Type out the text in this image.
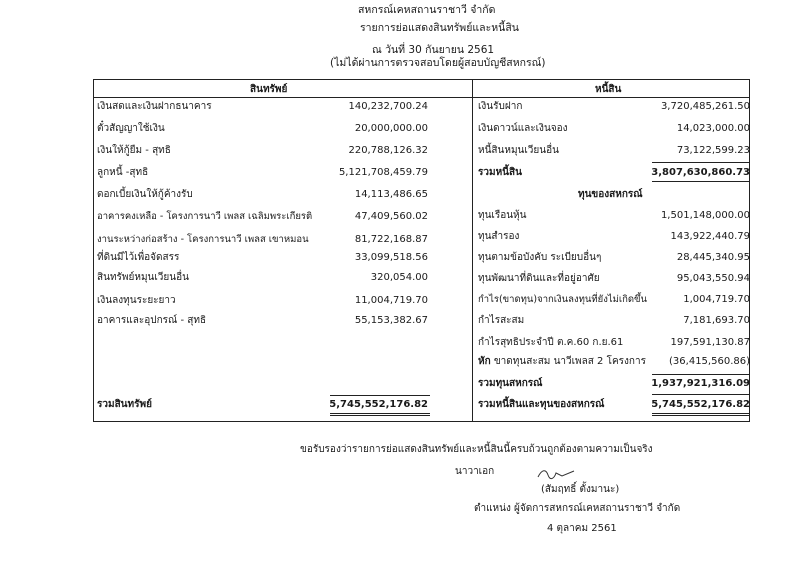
สหกรณ์เคหสถานราชาวี จำกัด
รายการย่อแสดงสินทรัพย์และหนี้สิน
ณ วันที่ 30 กันยายน 2561
(ไม่ได้ผ่านการตรวจสอบโดยผู้สอบบัญชีสหกรณ์)
สินทรัพย์	หนี้สิน
เงินสดและเงินฝากธนาคาร	140,232,700.24
ตั๋วสัญญาใช้เงิน	20,000,000.00
เงินให้กู้ยืม - สุทธิ	220,788,126.32
ลูกหนี้ -สุทธิ	5,121,708,459.79
ดอกเบี้ยเงินให้กู้ค้างรับ	14,113,486.65
อาคารคงเหลือ - โครงการนาวี เพลส เฉลิมพระเกียรติ	47,409,560.02
งานระหว่างก่อสร้าง - โครงการนาวี เพลส เขาหมอน	81,722,168.87
ที่ดินมีไว้เพื่อจัดสรร	33,099,518.56
สินทรัพย์หมุนเวียนอื่น	320,054.00
เงินลงทุนระยะยาว	11,004,719.70
อาคารและอุปกรณ์ - สุทธิ	55,153,382.67
รวมสินทรัพย์	5,745,552,176.82
เงินรับฝาก	3,720,485,261.50
เงินดาวน์และเงินจอง	14,023,000.00
หนี้สินหมุนเวียนอื่น	73,122,599.23
รวมหนี้สิน	3,807,630,860.73
ทุนของสหกรณ์
ทุนเรือนหุ้น	1,501,148,000.00
ทุนสำรอง	143,922,440.79
ทุนตามข้อบังคับ ระเบียบอื่นๆ	28,445,340.95
ทุนพัฒนาที่ดินและที่อยู่อาศัย	95,043,550.94
กำไร(ขาดทุน)จากเงินลงทุนที่ยังไม่เกิดขึ้น	1,004,719.70
กำไรสะสม	7,181,693.70
กำไรสุทธิประจำปี ต.ค.60 ก.ย.61	197,591,130.87
หัก ขาดทุนสะสม นาวีเพลส 2 โครงการ (36,415,560.86)
รวมทุนสหกรณ์	1,937,921,316.09
รวมหนี้สินและทุนของสหกรณ์	5,745,552,176.82
ขอรับรองว่ารายการย่อแสดงสินทรัพย์และหนี้สินนี้ครบถ้วนถูกต้องตามความเป็นจริง
นาวาเอก
(สัมฤทธิ์ ตั้งมานะ)
ตำแหน่ง ผู้จัดการสหกรณ์เคหสถานราชาวี จำกัด
4 ตุลาคม 2561
